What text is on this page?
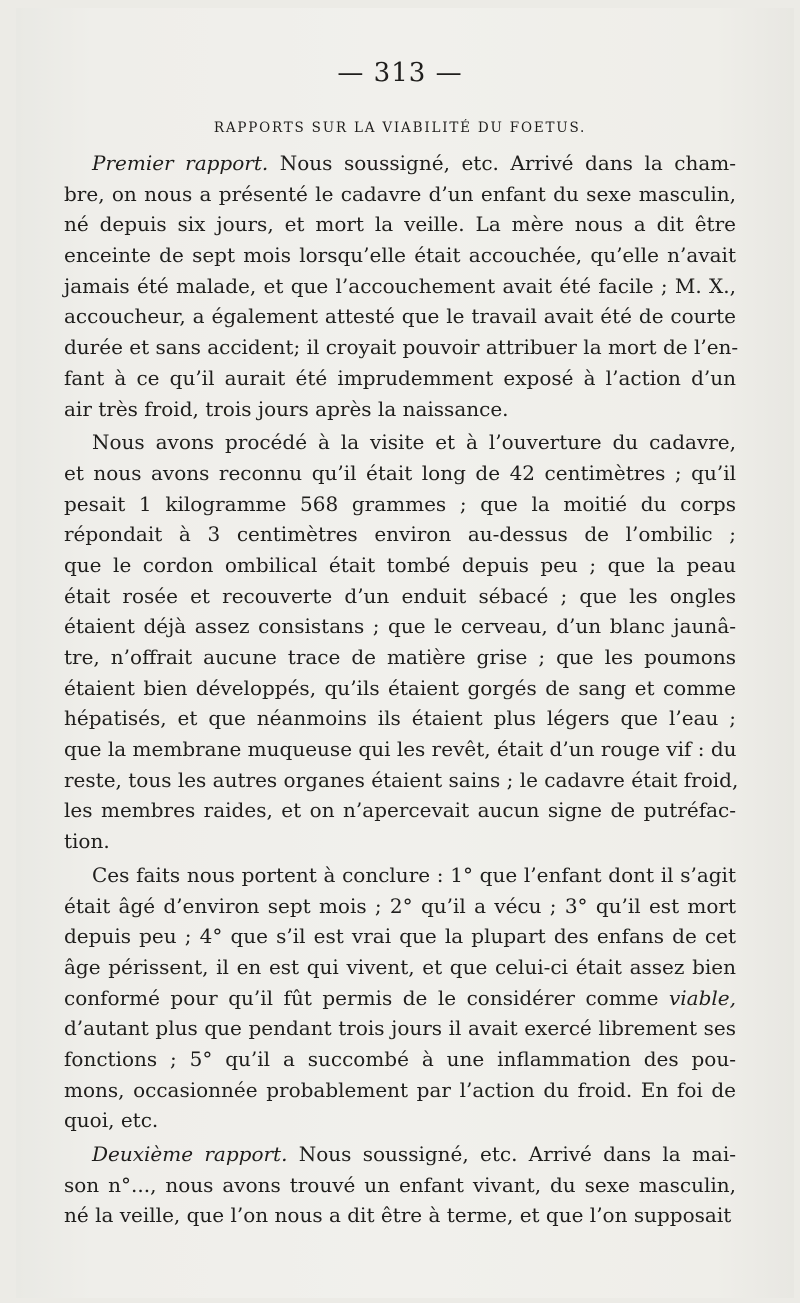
— 313 —
RAPPORTS SUR LA VIABILITÉ DU FOETUS.
Premier rapport. Nous soussigné, etc. Arrivé dans la cham-
bre, on nous a présenté le cadavre d’un enfant du sexe masculin,
né depuis six jours, et mort la veille. La mère nous a dit être
enceinte de sept mois lorsqu’elle était accouchée, qu’elle n’avait
jamais été malade, et que l’accouchement avait été facile ; M. X.,
accoucheur, a également attesté que le travail avait été de courte
durée et sans accident; il croyait pouvoir attribuer la mort de l’en-
fant à ce qu’il aurait été imprudemment exposé à l’action d’un
air très froid, trois jours après la naissance.
Nous avons procédé à la visite et à l’ouverture du cadavre,
et nous avons reconnu qu’il était long de 42 centimètres ; qu’il
pesait 1 kilogramme 568 grammes ; que la moitié du corps
répondait à 3 centimètres environ au-dessus de l’ombilic ;
que le cordon ombilical était tombé depuis peu ; que la peau
était rosée et recouverte d’un enduit sébacé ; que les ongles
étaient déjà assez consistans ; que le cerveau, d’un blanc jaunâ-
tre, n’offrait aucune trace de matière grise ; que les poumons
étaient bien développés, qu’ils étaient gorgés de sang et comme
hépatisés, et que néanmoins ils étaient plus légers que l’eau ;
que la membrane muqueuse qui les revêt, était d’un rouge vif : du
reste, tous les autres organes étaient sains ; le cadavre était froid,
les membres raides, et on n’apercevait aucun signe de putréfac-
tion.
Ces faits nous portent à conclure : 1° que l’enfant dont il s’agit
était âgé d’environ sept mois ; 2° qu’il a vécu ; 3° qu’il est mort
depuis peu ; 4° que s’il est vrai que la plupart des enfans de cet
âge périssent, il en est qui vivent, et que celui-ci était assez bien
conformé pour qu’il fût permis de le considérer comme viable,
d’autant plus que pendant trois jours il avait exercé librement ses
fonctions ; 5° qu’il a succombé à une inflammation des pou-
mons, occasionnée probablement par l’action du froid. En foi de
quoi, etc.
Deuxième rapport. Nous soussigné, etc. Arrivé dans la mai-
son n°..., nous avons trouvé un enfant vivant, du sexe masculin,
né la veille, que l’on nous a dit être à terme, et que l’on supposait
